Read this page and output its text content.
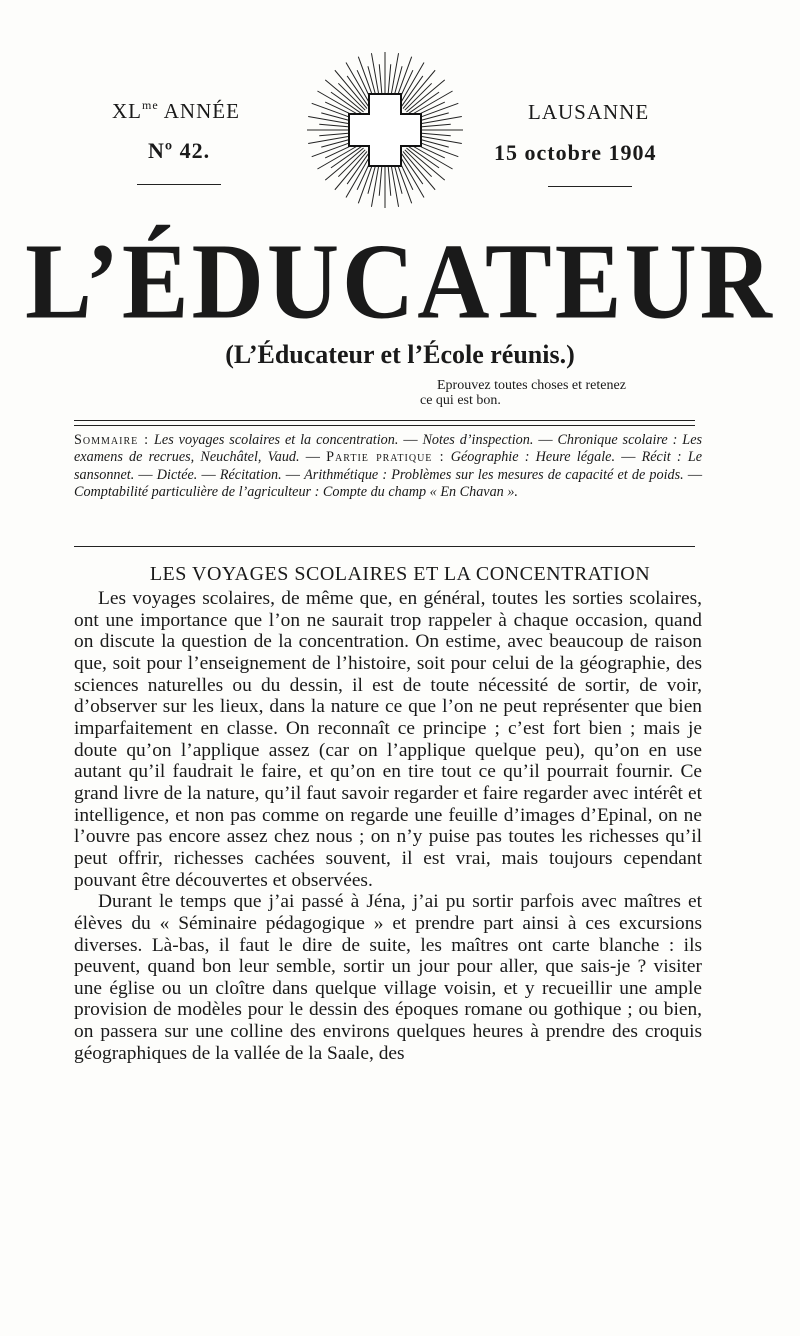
$XL^{me}$ ANNÉE
Nº 42.
LAUSANNE
15 octobre 1904
L’ÉDUCATEUR
(L’Éducateur et l’École réunis.)
Eprouvez toutes choses et retenez
ce qui est bon.
Sommaire : Les voyages scolaires et la concentration. — Notes d’inspection. — Chronique scolaire : Les examens de recrues, Neuchâtel, Vaud. — Partie pratique : Géographie : Heure légale. — Récit : Le sansonnet. — Dictée. — Récitation. — Arithmétique : Problèmes sur les mesures de capacité et de poids. — Comptabilité particulière de l’agriculteur : Compte du champ « En Chavan ».
LES VOYAGES SCOLAIRES ET LA CONCENTRATION

Les voyages scolaires, de même que, en général, toutes les sorties scolaires, ont une importance que l’on ne saurait trop rappeler à chaque occasion, quand on discute la question de la concentration. On estime, avec beaucoup de raison que, soit pour l’enseignement de l’histoire, soit pour celui de la géographie, des sciences naturelles ou du dessin, il est de toute nécessité de sortir, de voir, d’observer sur les lieux, dans la nature ce que l’on ne peut représenter que bien imparfaitement en classe. On reconnaît ce principe ; c’est fort bien ; mais je doute qu’on l’applique assez (car on l’applique quelque peu), qu’on en use autant qu’il faudrait le faire, et qu’on en tire tout ce qu’il pourrait fournir. Ce grand livre de la nature, qu’il faut savoir regarder et faire regarder avec intérêt et intelligence, et non pas comme on regarde une feuille d’images d’Epinal, on ne l’ouvre pas encore assez chez nous ; on n’y puise pas toutes les richesses qu’il peut offrir, richesses cachées souvent, il est vrai, mais toujours cependant pouvant être découvertes et observées.

Durant le temps que j’ai passé à Jéna, j’ai pu sortir parfois avec maîtres et élèves du « Séminaire pédagogique » et prendre part ainsi à ces excursions diverses. Là-bas, il faut le dire de suite, les maîtres ont carte blanche : ils peuvent, quand bon leur semble, sortir un jour pour aller, que sais-je ? visiter une église ou un cloître dans quelque village voisin, et y recueillir une ample provision de modèles pour le dessin des époques romane ou gothique ; ou bien, on passera sur une colline des environs quelques heures à prendre des croquis géographiques de la vallée de la Saale, des
